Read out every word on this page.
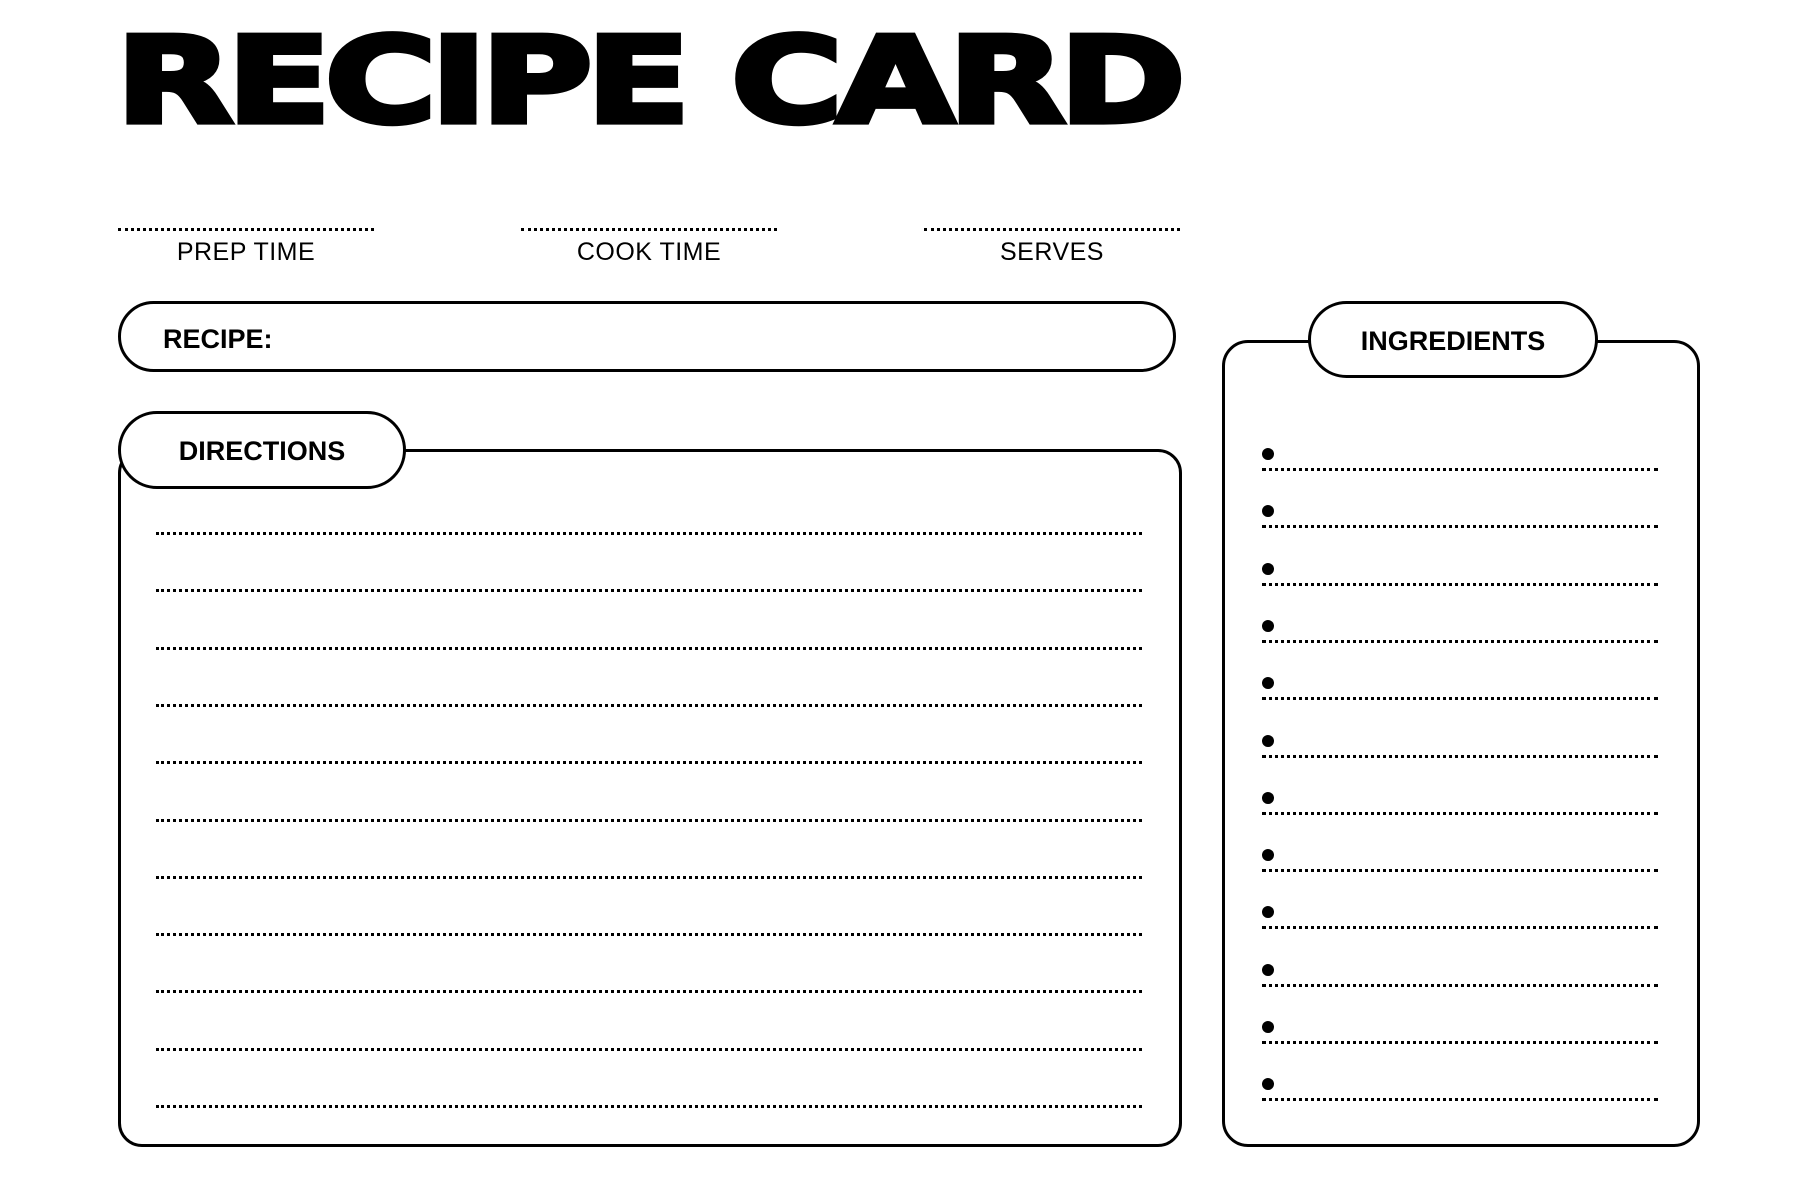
RECIPE CARD
PREP TIME	COOK TIME	SERVES
RECIPE:
DIRECTIONS
INGREDIENTS
